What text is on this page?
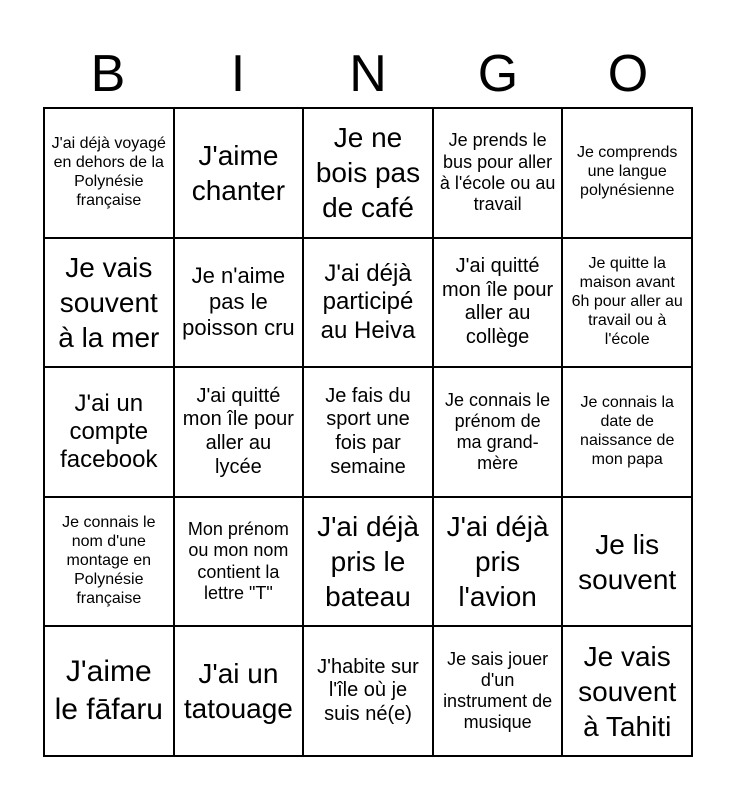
B	I	N	G	O
J'ai déjà voyagé en dehors de la Polynésie française
J'aime chanter
Je ne bois pas de café
Je prends le bus pour aller à l'école ou au travail
Je comprends une langue polynésienne
Je vais souvent à la mer
Je n'aime pas le poisson cru
J'ai déjà participé au Heiva
J'ai quitté mon île pour aller au collège
Je quitte la maison avant 6h pour aller au travail ou à l'école
J'ai un compte facebook
J'ai quitté mon île pour aller au lycée
Je fais du sport une fois par semaine
Je connais le prénom de ma grand-mère
Je connais la date de naissance de mon papa
Je connais le nom d'une montage en Polynésie française
Mon prénom ou mon nom contient la lettre "T"
J'ai déjà pris le bateau
J'ai déjà pris l'avion
Je lis souvent
J'aime le fāfaru
J'ai un tatouage
J'habite sur l'île où je suis né(e)
Je sais jouer d'un instrument de musique
Je vais souvent à Tahiti
